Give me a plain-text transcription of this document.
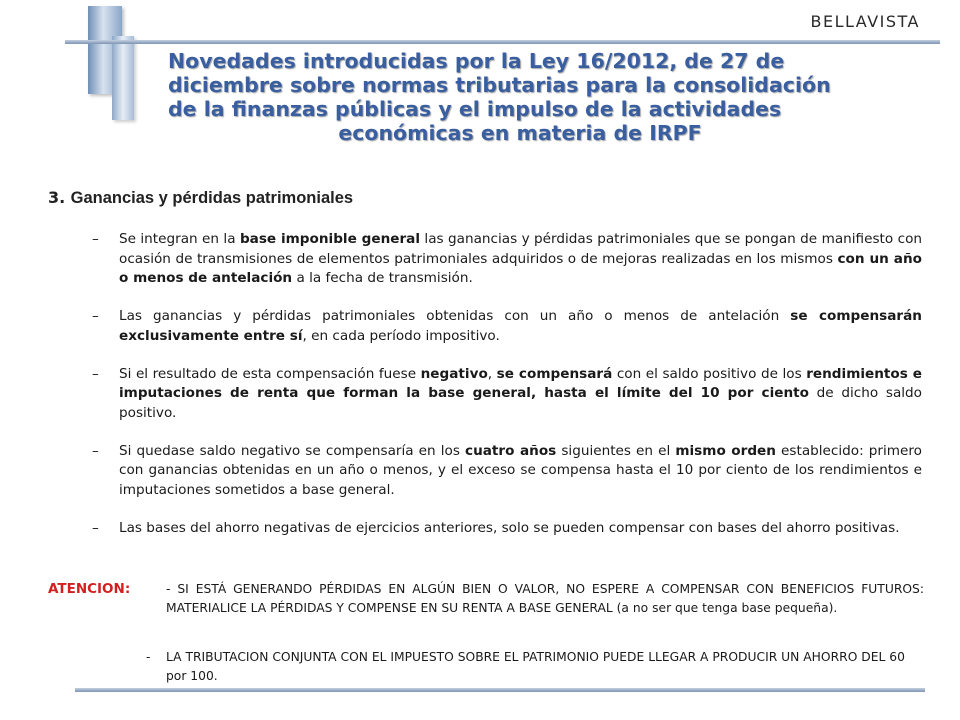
BELLAVISTA
Novedades introducidas por la Ley 16/2012, de 27 de
diciembre sobre normas tributarias para la consolidación
de la finanzas públicas y el impulso de la actividades
económicas en materia de IRPF
3. Ganancias y pérdidas patrimoniales
– Se integran en la base imponible general las ganancias y pérdidas patrimoniales que se pongan de manifiesto con ocasión de transmisiones de elementos patrimoniales adquiridos o de mejoras realizadas en los mismos con un año o menos de antelación a la fecha de transmisión.
– Las ganancias y pérdidas patrimoniales obtenidas con un año o menos de antelación se compensarán exclusivamente entre sí, en cada período impositivo.
– Si el resultado de esta compensación fuese negativo, se compensará con el saldo positivo de los rendimientos e imputaciones de renta que forman la base general, hasta el límite del 10 por ciento de dicho saldo positivo.
– Si quedase saldo negativo se compensaría en los cuatro años siguientes en el mismo orden establecido: primero con ganancias obtenidas en un año o menos, y el exceso se compensa hasta el 10 por ciento de los rendimientos e imputaciones sometidos a base general.
– Las bases del ahorro negativas de ejercicios anteriores, solo se pueden compensar con bases del ahorro positivas.
ATENCION:	- SI ESTÁ GENERANDO PÉRDIDAS EN ALGÚN BIEN O VALOR, NO ESPERE A COMPENSAR CON BENEFICIOS FUTUROS: MATERIALICE LA PÉRDIDAS Y COMPENSE EN SU RENTA A BASE GENERAL (a no ser que tenga base pequeña).
-	LA TRIBUTACION CONJUNTA CON EL IMPUESTO SOBRE EL PATRIMONIO PUEDE LLEGAR A PRODUCIR UN AHORRO DEL 60 por 100.
